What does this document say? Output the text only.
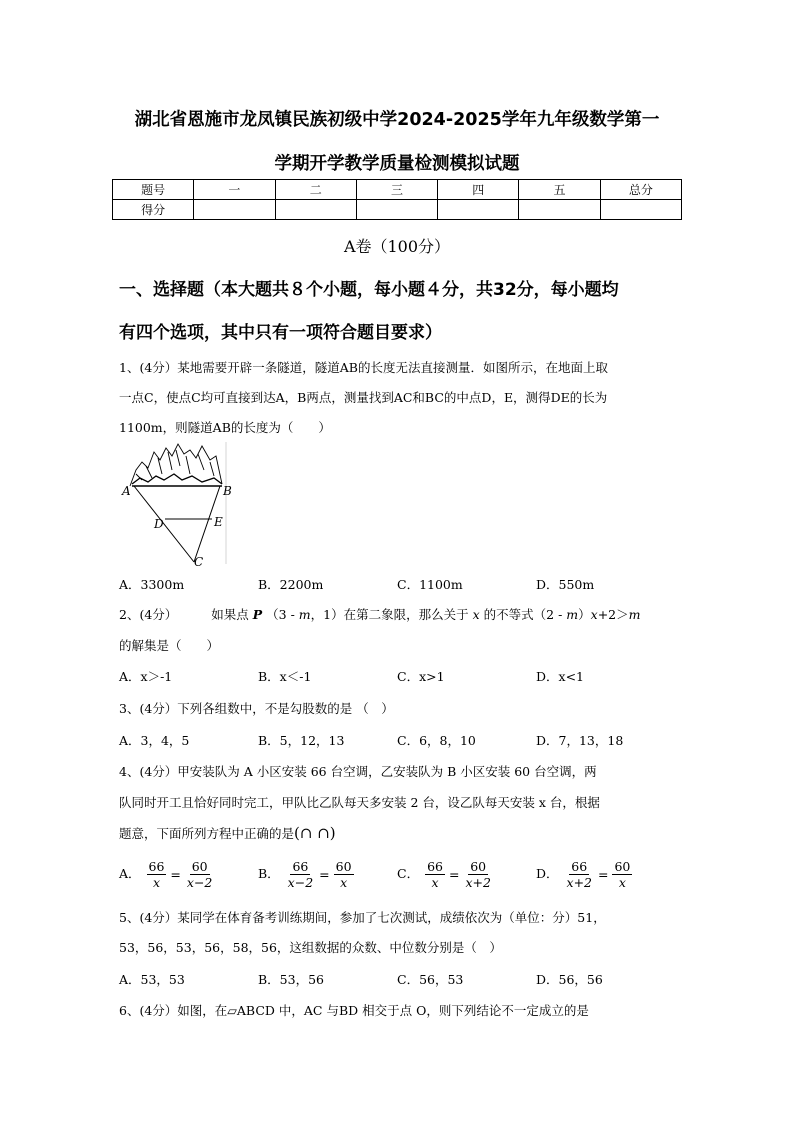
湖北省恩施市龙凤镇民族初级中学2024-2025学年九年级数学第一
学期开学教学质量检测模拟试题
题号	一	二	三	四	五	总分
得分						
A卷（100分）
一、选择题（本大题共８个小题，每小题４分，共32分，每小题均
有四个选项，其中只有一项符合题目要求）
1、(4分）某地需要开辟一条隧道，隧道AB的长度无法直接测量．如图所示，在地面上取
一点C，使点C均可直接到达A，B两点，测量找到AC和BC的中点D，E，测得DE的长为
1100m，则隧道AB的长度为（　　）
A	B
D	E
C
A．3300m	B．2200m	C．1100m	D．550m
2、(4分）	如果点 P （3 - m，1）在第二象限，那么关于 x 的不等式（2 - m）x+2＞m
的解集是（　　）
A．x＞-1	B．x＜-1	C．x>1	D．x<1
3、(4分）下列各组数中，不是勾股数的是 （　）
A．3，4，5	B．5，12，13	C．6，8，10	D．7，13，18
4、(4分）甲安装队为 A 小区安装 66 台空调，乙安装队为 B 小区安装 60 台空调，两
队同时开工且恰好同时完工，甲队比乙队每天多安装 2 台，设乙队每天安装 x 台，根据
题意，下面所列方程中正确的是(∩ ∩)
A． $\frac{66}{x} = \frac{60}{x-2}$	B． $\frac{66}{x-2} = \frac{60}{x}$	C． $\frac{66}{x} = \frac{60}{x+2}$	D． $\frac{66}{x+2} = \frac{60}{x}$
5、(4分）某同学在体育备考训练期间，参加了七次测试，成绩依次为（单位：分）51，
53，56，53，56，58，56，这组数据的众数、中位数分别是（　）
A．53，53	B．53，56	C．56，53	D．56，56
6、(4分）如图，在▱ABCD 中，AC 与BD 相交于点 O，则下列结论不一定成立的是
